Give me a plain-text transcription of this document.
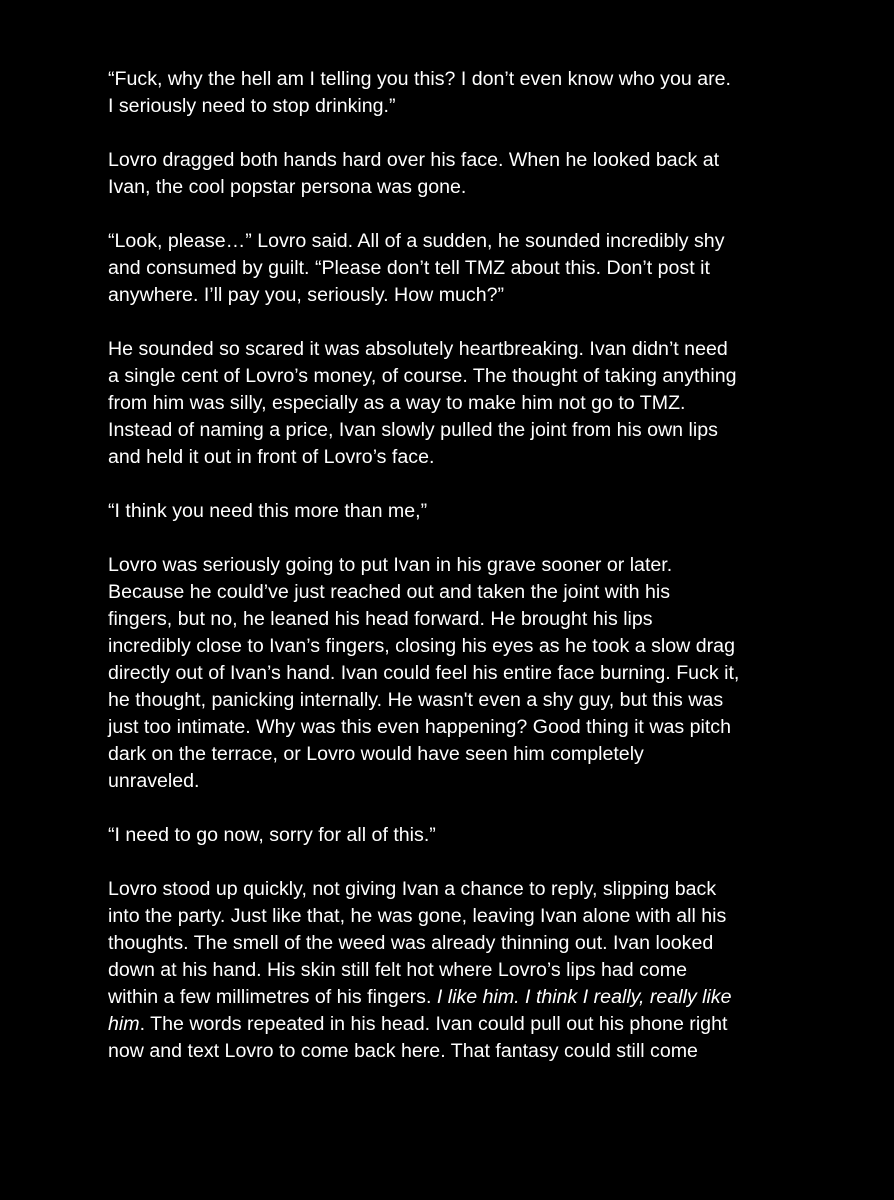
“Fuck, why the hell am I telling you this? I don’t even know who you are.
I seriously need to stop drinking.”

Lovro dragged both hands hard over his face. When he looked back at
Ivan, the cool popstar persona was gone.

“Look, please…” Lovro said. All of a sudden, he sounded incredibly shy
and consumed by guilt. “Please don’t tell TMZ about this. Don’t post it
anywhere. I’ll pay you, seriously. How much?”

He sounded so scared it was absolutely heartbreaking. Ivan didn’t need
a single cent of Lovro’s money, of course. The thought of taking anything
from him was silly, especially as a way to make him not go to TMZ.
Instead of naming a price, Ivan slowly pulled the joint from his own lips
and held it out in front of Lovro’s face.

“I think you need this more than me,”

Lovro was seriously going to put Ivan in his grave sooner or later.
Because he could’ve just reached out and taken the joint with his
fingers, but no, he leaned his head forward. He brought his lips
incredibly close to Ivan’s fingers, closing his eyes as he took a slow drag
directly out of Ivan’s hand. Ivan could feel his entire face burning. Fuck it,
he thought, panicking internally. He wasn't even a shy guy, but this was
just too intimate. Why was this even happening? Good thing it was pitch
dark on the terrace, or Lovro would have seen him completely
unraveled.

“I need to go now, sorry for all of this.”

Lovro stood up quickly, not giving Ivan a chance to reply, slipping back
into the party. Just like that, he was gone, leaving Ivan alone with all his
thoughts. The smell of the weed was already thinning out. Ivan looked
down at his hand. His skin still felt hot where Lovro’s lips had come
within a few millimetres of his fingers. I like him. I think I really, really like
him. The words repeated in his head. Ivan could pull out his phone right
now and text Lovro to come back here. That fantasy could still come
